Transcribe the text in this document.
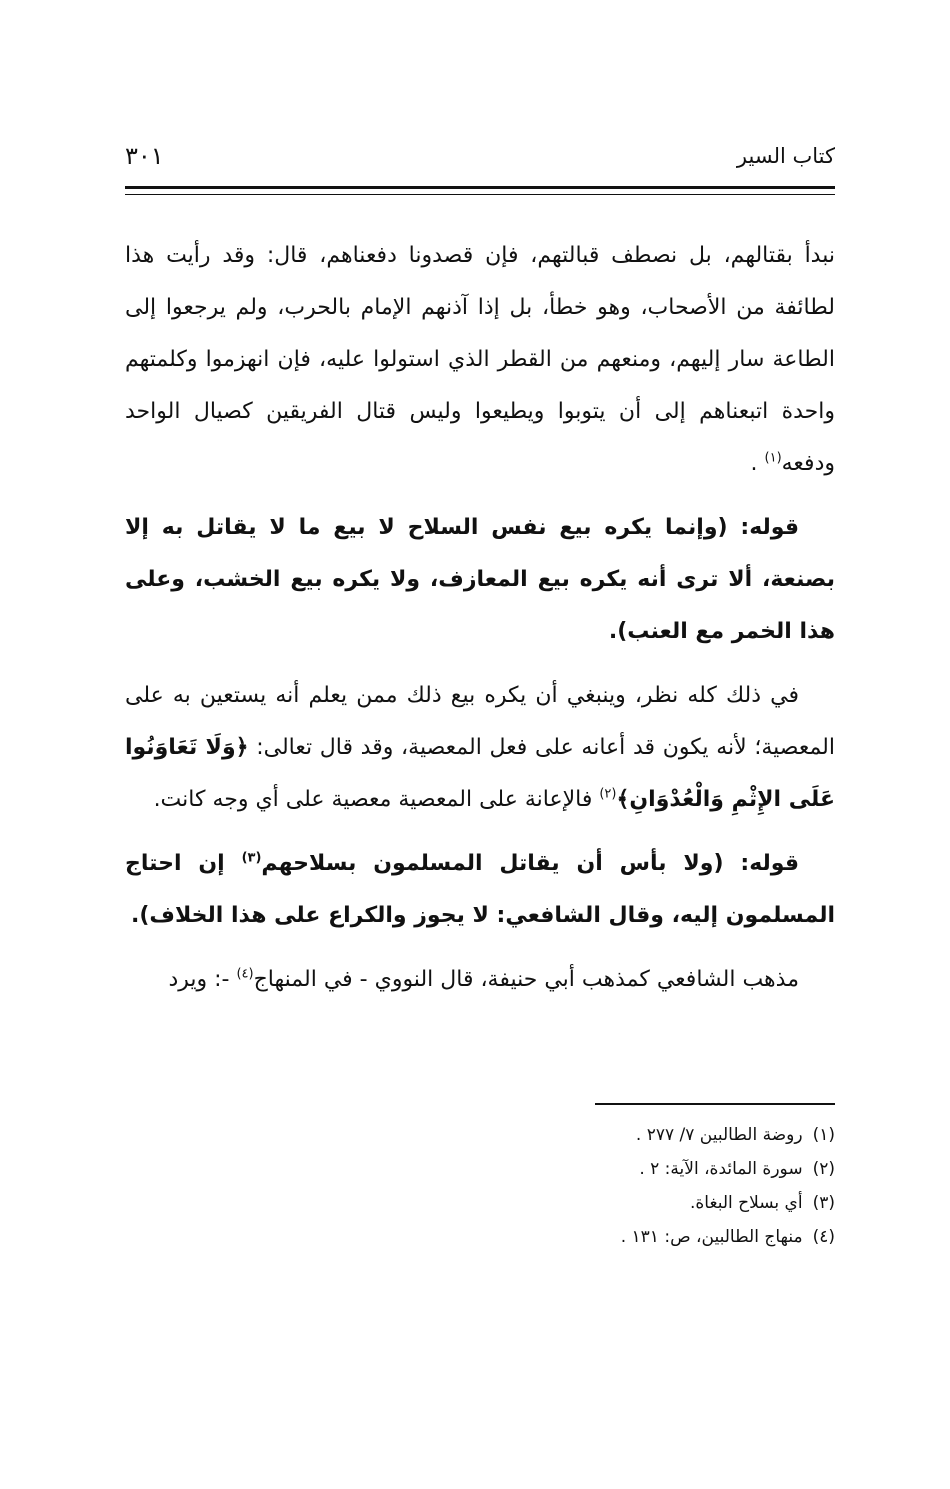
كتاب السير
٣٠١

نبدأ بقتالهم، بل نصطف قبالتهم، فإن قصدونا دفعناهم، قال: وقد رأيت هذا لطائفة من الأصحاب، وهو خطأ، بل إذا آذنهم الإمام بالحرب، ولم يرجعوا إلى الطاعة سار إليهم، ومنعهم من القطر الذي استولوا عليه، فإن انهزموا وكلمتهم واحدة اتبعناهم إلى أن يتوبوا ويطيعوا وليس قتال الفريقين كصيال الواحد ودفعه$^{(١)}$ .

قوله: (وإنما يكره بيع نفس السلاح لا بيع ما لا يقاتل به إلا بصنعة، ألا ترى أنه يكره بيع المعازف، ولا يكره بيع الخشب، وعلى هذا الخمر مع العنب).

في ذلك كله نظر، وينبغي أن يكره بيع ذلك ممن يعلم أنه يستعين به على المعصية؛ لأنه يكون قد أعانه على فعل المعصية، وقد قال تعالى: ﴿وَلَا تَعَاوَنُوا عَلَى الإِثْمِ وَالْعُدْوَانِ﴾$^{(٢)}$ فالإعانة على المعصية معصية على أي وجه كانت.

قوله: (ولا بأس أن يقاتل المسلمون بسلاحهم$^{(٣)}$ إن احتاج المسلمون إليه، وقال الشافعي: لا يجوز والكراع على هذا الخلاف).

مذهب الشافعي كمذهب أبي حنيفة، قال النووي - في المنهاج$^{(٤)}$ -: ويرد

(١)روضة الطالبين ٧/ ٢٧٧ .

(٢)سورة المائدة، الآية: ٢ .

(٣)أي بسلاح البغاة.

(٤)منهاج الطالبين، ص: ١٣١ .
